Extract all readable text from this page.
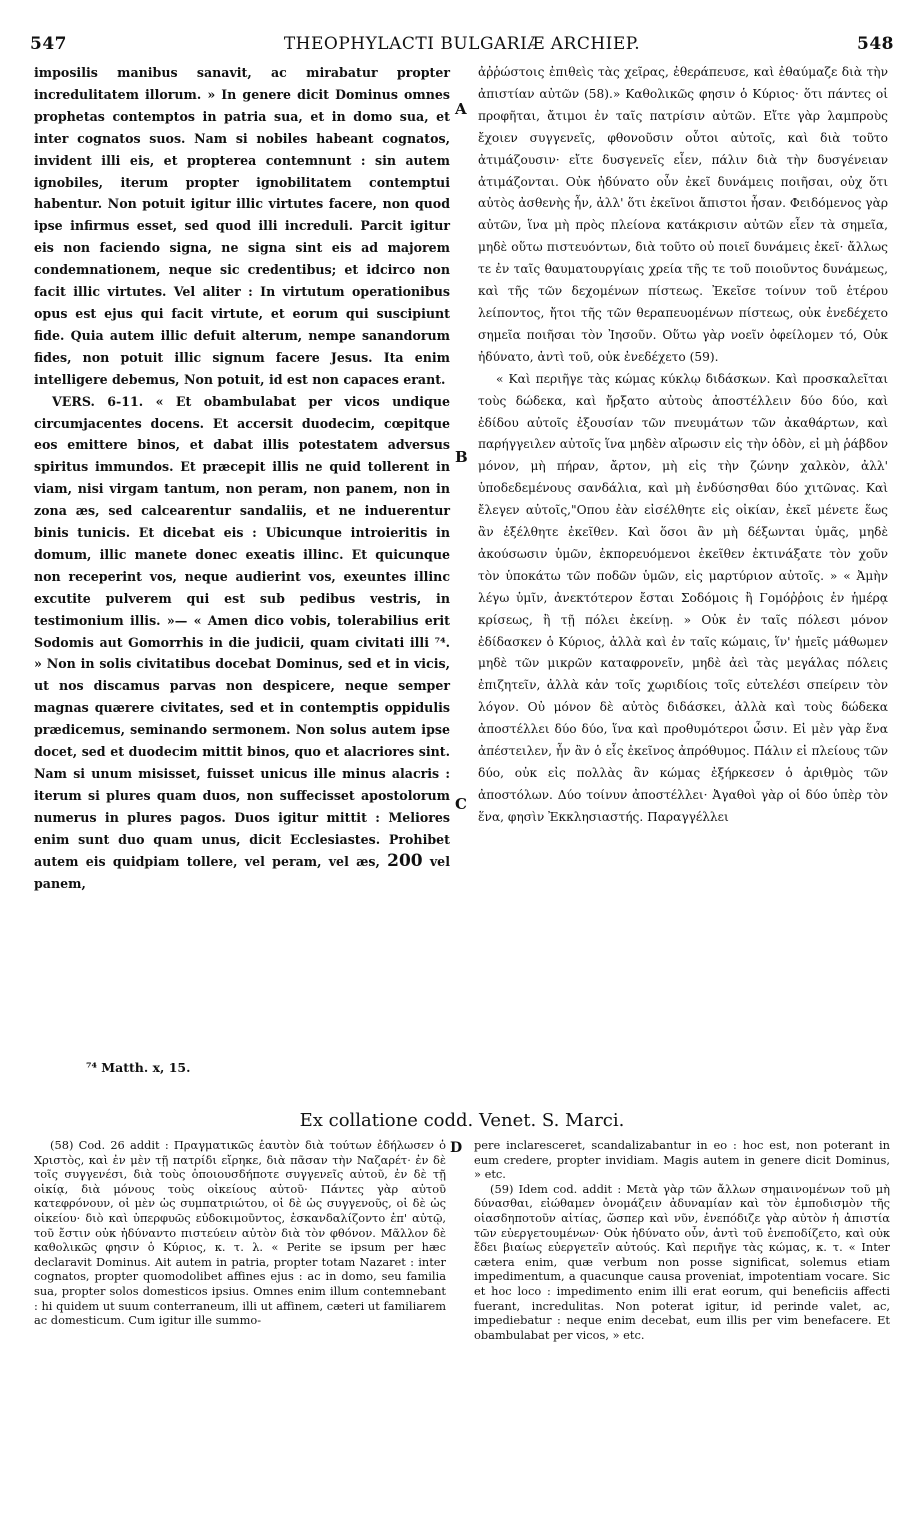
547	THEOPHYLACTI BULGARIÆ ARCHIEP.	548

imposilis manibus sanavit, ac mirabatur propter incredulitatem illorum. » In genere dicit Dominus omnes prophetas contemptos in patria sua, et in domo sua, et inter cognatos suos. Nam si nobiles habeant cognatos, invident illi eis, et propterea contemnunt : sin autem ignobiles, iterum propter ignobilitatem contemptui habentur. Non potuit igitur illic virtutes facere, non quod ipse infirmus esset, sed quod illi increduli. Parcit igitur eis non faciendo signa, ne signa sint eis ad majorem condemnationem, neque sic credentibus; et idcirco non facit illic virtutes. Vel aliter : In virtutum operationibus opus est ejus qui facit virtute, et eorum qui suscipiunt fide. Quia autem illic defuit alterum, nempe sanandorum fides, non potuit illic signum facere Jesus. Ita enim intelligere debemus, Non potuit, id est non capaces erant.

VERS. 6-11. « Et obambulabat per vicos undique circumjacentes docens. Et accersit duodecim, cœpitque eos emittere binos, et dabat illis potestatem adversus spiritus immundos. Et præcepit illis ne quid tollerent in viam, nisi virgam tantum, non peram, non panem, non in zona æs, sed calcearentur sandaliis, et ne induerentur binis tunicis. Et dicebat eis : Ubicunque introieritis in domum, illic manete donec exeatis illinc. Et quicunque non receperint vos, neque audierint vos, exeuntes illinc excutite pulverem qui est sub pedibus vestris, in testimonium illis. »— « Amen dico vobis, tolerabilius erit Sodomis aut Gomorrhis in die judicii, quam civitati illi ⁷⁴. » Non in solis civitatibus docebat Dominus, sed et in vicis, ut nos discamus parvas non despicere, neque semper magnas quærere civitates, sed et in contemptis oppidulis prædicemus, seminando sermonem. Non solus autem ipse docet, sed et duodecim mittit binos, quo et alacriores sint. Nam si unum misisset, fuisset unicus ille minus alacris : iterum si plures quam duos, non suffecisset apostolorum numerus in plures pagos. Duos igitur mittit : Meliores enim sunt duo quam unus, dicit Ecclesiastes. Prohibet autem eis quidpiam tollere, vel peram, vel æs, 200 vel panem,

A
B
C

ἀῤῥώστοις ἐπιθεὶς τὰς χεῖρας, ἐθεράπευσε, καὶ ἐθαύμαζε διὰ τὴν ἀπιστίαν αὐτῶν (58).» Καθολικῶς φησιν ὁ Κύριος· ὅτι πάντες οἱ προφῆται, ἄτιμοι ἐν ταῖς πατρίσιν αὐτῶν. Εἴτε γὰρ λαμπροὺς ἔχοιεν συγγενεῖς, φθονοῦσιν οὗτοι αὐτοῖς, καὶ διὰ τοῦτο ἀτιμάζουσιν· εἴτε δυσγενεῖς εἶεν, πάλιν διὰ τὴν δυσγένειαν ἀτιμάζονται. Οὐκ ἠδύνατο οὖν ἐκεῖ δυνάμεις ποιῆσαι, οὐχ ὅτι αὐτὸς ἀσθενὴς ἦν, ἀλλ' ὅτι ἐκεῖνοι ἄπιστοι ἦσαν. Φειδόμενος γὰρ αὐτῶν, ἵνα μὴ πρὸς πλείονα κατάκρισιν αὐτῶν εἶεν τὰ σημεῖα, μηδὲ οὕτω πιστευόντων, διὰ τοῦτο οὐ ποιεῖ δυνάμεις ἐκεῖ· ἄλλως τε ἐν ταῖς θαυματουργίαις χρεία τῆς τε τοῦ ποιοῦντος δυνάμεως, καὶ τῆς τῶν δεχομένων πίστεως. Ἐκεῖσε τοίνυν τοῦ ἑτέρου λείποντος, ἤτοι τῆς τῶν θεραπευομένων πίστεως, οὐκ ἐνεδέχετο σημεῖα ποιῆσαι τὸν Ἰησοῦν. Οὕτω γὰρ νοεῖν ὀφείλομεν τό, Οὐκ ἠδύνατο, ἀντὶ τοῦ, οὐκ ἐνεδέχετο (59).

« Καὶ περιῆγε τὰς κώμας κύκλῳ διδάσκων. Καὶ προσκαλεῖται τοὺς δώδεκα, καὶ ἤρξατο αὐτοὺς ἀποστέλλειν δύο δύο, καὶ ἐδίδου αὐτοῖς ἐξουσίαν τῶν πνευμάτων τῶν ἀκαθάρτων, καὶ παρήγγειλεν αὐτοῖς ἵνα μηδὲν αἴρωσιν εἰς τὴν ὁδὸν, εἰ μὴ ῥάβδον μόνον, μὴ πήραν, ἄρτον, μὴ εἰς τὴν ζώνην χαλκὸν, ἀλλ' ὑποδεδεμένους σανδάλια, καὶ μὴ ἐνδύσησθαι δύο χιτῶνας. Καὶ ἔλεγεν αὐτοῖς,"Οπου ἐὰν εἰσέλθητε εἰς οἰκίαν, ἐκεῖ μένετε ἕως ἂν ἐξέλθητε ἐκεῖθεν. Καὶ ὅσοι ἂν μὴ δέξωνται ὑμᾶς, μηδὲ ἀκούσωσιν ὑμῶν, ἐκπορευόμενοι ἐκεῖθεν ἐκτινάξατε τὸν χοῦν τὸν ὑποκάτω τῶν ποδῶν ὑμῶν, εἰς μαρτύριον αὐτοῖς. » « Ἀμὴν λέγω ὑμῖν, ἀνεκτότερον ἔσται Σοδόμοις ἢ Γομόῤῥοις ἐν ἡμέρᾳ κρίσεως, ἢ τῇ πόλει ἐκείνῃ. » Οὐκ ἐν ταῖς πόλεσι μόνον ἐδίδασκεν ὁ Κύριος, ἀλλὰ καὶ ἐν ταῖς κώμαις, ἵν' ἡμεῖς μάθωμεν μηδὲ τῶν μικρῶν καταφρονεῖν, μηδὲ ἀεὶ τὰς μεγάλας πόλεις ἐπιζητεῖν, ἀλλὰ κἀν τοῖς χωριδίοις τοῖς εὐτελέσι σπείρειν τὸν λόγον. Οὐ μόνον δὲ αὐτὸς διδάσκει, ἀλλὰ καὶ τοὺς δώδεκα ἀποστέλλει δύο δύο, ἵνα καὶ προθυμότεροι ὦσιν. Εἰ μὲν γὰρ ἕνα ἀπέστειλεν, ἦν ἂν ὁ εἷς ἐκεῖνος ἀπρόθυμος. Πάλιν εἰ πλείους τῶν δύο, οὐκ εἰς πολλὰς ἂν κώμας ἐξήρκεσεν ὁ ἀριθμὸς τῶν ἀποστόλων. Δύο τοίνυν ἀποστέλλει· Ἀγαθοὶ γὰρ οἱ δύο ὑπὲρ τὸν ἕνα, φησὶν Ἐκκλησιαστής. Παραγγέλλει

⁷⁴ Matth. x, 15.
Ex collatione codd. Venet. S. Marci.

(58) Cod. 26 addit : Πραγματικῶς ἑαυτὸν διὰ τούτων ἐδήλωσεν ὁ Χριστὸς, καὶ ἐν μὲν τῇ πατρίδι εἴρηκε, διὰ πᾶσαν τὴν Ναζαρέτ· ἐν δὲ τοῖς συγγενέσι, διὰ τοὺς ὁποιουσδήποτε συγγενεῖς αὐτοῦ, ἐν δὲ τῇ οἰκίᾳ, διὰ μόνους τοὺς οἰκείους αὐτοῦ· Πάντες γὰρ αὐτοῦ κατεφρόνουν, οἱ μὲν ὡς συμπατριώτου, οἱ δὲ ὡς συγγενοῦς, οἱ δὲ ὡς οἰκείου· διὸ καὶ ὑπερφυῶς εὐδοκιμοῦντος, ἐσκανδαλίζοντο ἐπ' αὐτῷ, τοῦ ἔστιν οὐκ ἠδύναντο πιστεύειν αὐτὸν διὰ τὸν φθόνον. Μᾶλλον δὲ καθολικῶς φησιν ὁ Κύριος, κ. τ. λ. « Perite se ipsum per hæc declaravit Dominus. Ait autem in patria, propter totam Nazaret : inter cognatos, propter quomodolibet affines ejus : ac in domo, seu familia sua, propter solos domesticos ipsius. Omnes enim illum contemnebant : hi quidem ut suum conterraneum, illi ut affinem, cæteri ut familiarem ac domesticum. Cum igitur ille summo-

D pere inclaresceret, scandalizabantur in eo : hoc est, non poterant in eum credere, propter invidiam. Magis autem in genere dicit Dominus, » etc.

(59) Idem cod. addit : Μετὰ γὰρ τῶν ἄλλων σημαινομένων τοῦ μὴ δύνασθαι, εἰώθαμεν ὀνομάζειν ἀδυναμίαν καὶ τὸν ἐμποδισμὸν τῆς οἱασδηποτοῦν αἰτίας, ὥσπερ καὶ νῦν, ἐνεπόδιζε γὰρ αὐτὸν ἡ ἀπιστία τῶν εὐεργετουμένων· Οὐκ ἠδύνατο οὖν, ἀντὶ τοῦ ἐνεποδίζετο, καὶ οὐκ ἔδει βιαίως εὐεργετεῖν αὐτούς. Καὶ περιῆγε τὰς κώμας, κ. τ. « Inter cætera enim, quæ verbum non posse significat, solemus etiam impedimentum, a quacunque causa proveniat, impotentiam vocare. Sic et hoc loco : impedimento enim illi erat eorum, qui beneficiis affecti fuerant, incredulitas. Non poterat igitur, id perinde valet, ac, impediebatur : neque enim decebat, eum illis per vim benefacere. Et obambulabat per vicos, » etc.
